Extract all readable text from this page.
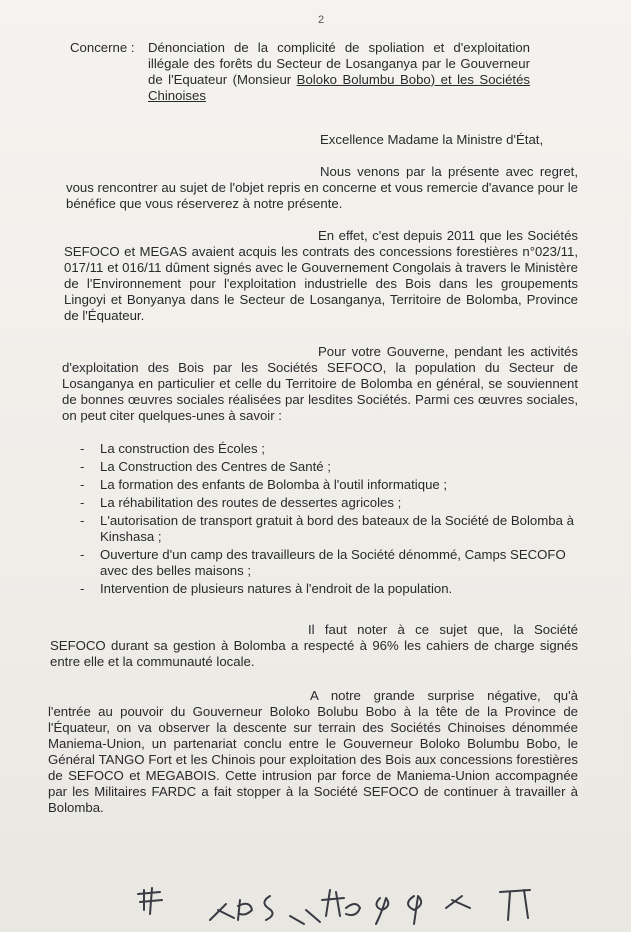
2
Concerne : Dénonciation de la complicité de spoliation et d'exploitation illégale des forêts du Secteur de Losanganya par le Gouverneur de l'Equateur (Monsieur Boloko Bolumbu Bobo) et les Sociétés Chinoises

Excellence Madame la Ministre d'État,

Nous venons par la présente avec regret, vous rencontrer au sujet de l'objet repris en concerne et vous remercie d'avance pour le bénéfice que vous réserverez à notre présente.

En effet, c'est depuis 2011 que les Sociétés SEFOCO et MEGAS avaient acquis les contrats des concessions forestières n°023/11, 017/11 et 016/11 dûment signés avec le Gouvernement Congolais à travers le Ministère de l'Environnement pour l'exploitation industrielle des Bois dans les groupements Lingoyi et Bonyanya dans le Secteur de Losanganya, Territoire de Bolomba, Province de l'Équateur.

Pour votre Gouverne, pendant les activités d'exploitation des Bois par les Sociétés SEFOCO, la population du Secteur de Losanganya en particulier et celle du Territoire de Bolomba en général, se souviennent de bonnes œuvres sociales réalisées par lesdites Sociétés. Parmi ces œuvres sociales, on peut citer quelques-unes à savoir :

- La construction des Écoles ;
- La Construction des Centres de Santé ;
- La formation des enfants de Bolomba à l'outil informatique ;
- La réhabilitation des routes de dessertes agricoles ;
- L'autorisation de transport gratuit à bord des bateaux de la Société de Bolomba à Kinshasa ;
- Ouverture d'un camp des travailleurs de la Société dénommé, Camps SECOFO avec des belles maisons ;
- Intervention de plusieurs natures à l'endroit de la population.

Il faut noter à ce sujet que, la Société SEFOCO durant sa gestion à Bolomba a respecté à 96% les cahiers de charge signés entre elle et la communauté locale.

A notre grande surprise négative, qu'à l'entrée au pouvoir du Gouverneur Boloko Bolubu Bobo à la tête de la Province de l'Équateur, on va observer la descente sur terrain des Sociétés Chinoises dénommée Maniema-Union, un partenariat conclu entre le Gouverneur Boloko Bolumbu Bobo, le Général TANGO Fort et les Chinois pour exploitation des Bois aux concessions forestières de SEFOCO et MEGABOIS. Cette intrusion par force de Maniema-Union accompagnée par les Militaires FARDC a fait stopper à la Société SEFOCO de continuer à travailler à Bolomba.
